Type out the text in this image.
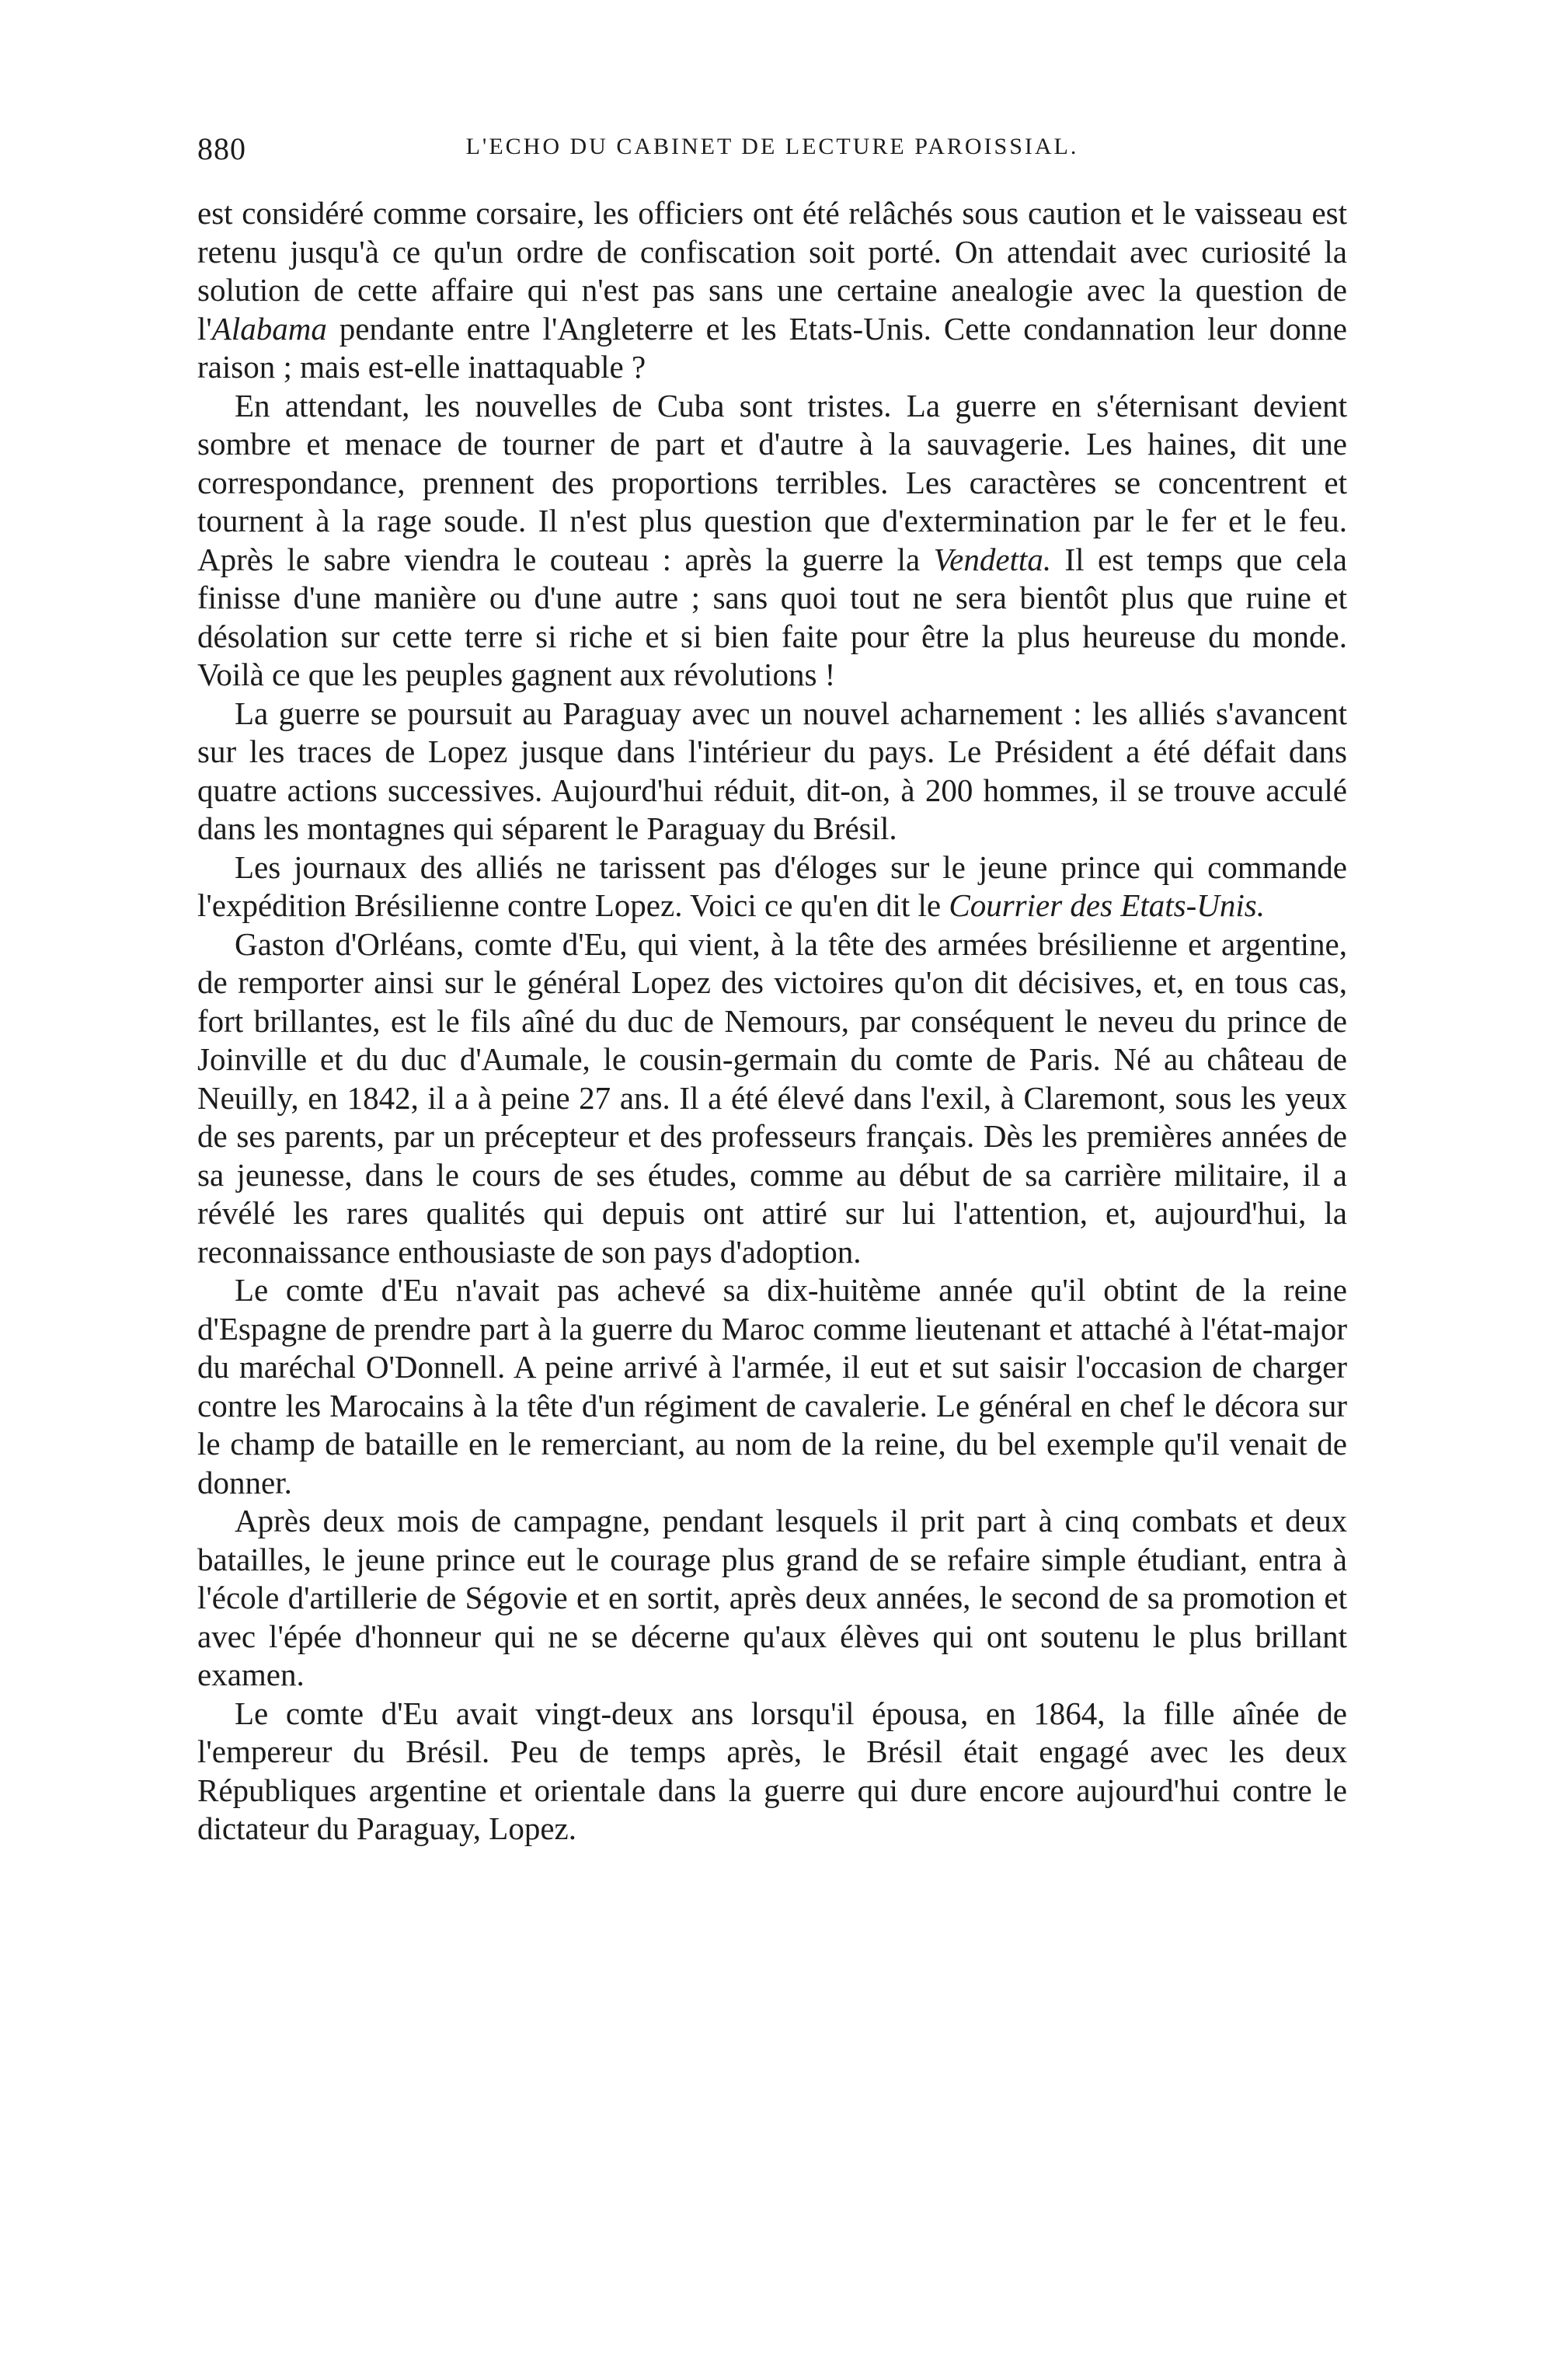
880	L'ECHO DU CABINET DE LECTURE PAROISSIAL.

est considéré comme corsaire, les officiers ont été relâchés sous caution et le vaisseau est retenu jusqu'à ce qu'un ordre de confiscation soit porté. On attendait avec curiosité la solution de cette affaire qui n'est pas sans une certaine anealogie avec la question de l'Alabama pendante entre l'Angleterre et les Etats-Unis. Cette condannation leur donne raison ; mais est-elle inattaquable ?

En attendant, les nouvelles de Cuba sont tristes. La guerre en s'éternisant devient sombre et menace de tourner de part et d'autre à la sauvagerie. Les haines, dit une correspondance, prennent des proportions terribles. Les caractères se concentrent et tournent à la rage soude. Il n'est plus question que d'extermination par le fer et le feu. Après le sabre viendra le couteau : après la guerre la Vendetta. Il est temps que cela finisse d'une manière ou d'une autre ; sans quoi tout ne sera bientôt plus que ruine et désolation sur cette terre si riche et si bien faite pour être la plus heureuse du monde. Voilà ce que les peuples gagnent aux révolutions !

La guerre se poursuit au Paraguay avec un nouvel acharnement : les alliés s'avancent sur les traces de Lopez jusque dans l'intérieur du pays. Le Président a été défait dans quatre actions successives. Aujourd'hui réduit, dit-on, à 200 hommes, il se trouve acculé dans les montagnes qui séparent le Paraguay du Brésil.

Les journaux des alliés ne tarissent pas d'éloges sur le jeune prince qui commande l'expédition Brésilienne contre Lopez. Voici ce qu'en dit le Courrier des Etats-Unis.

Gaston d'Orléans, comte d'Eu, qui vient, à la tête des armées brésilienne et argentine, de remporter ainsi sur le général Lopez des victoires qu'on dit décisives, et, en tous cas, fort brillantes, est le fils aîné du duc de Nemours, par conséquent le neveu du prince de Joinville et du duc d'Aumale, le cousin-germain du comte de Paris. Né au château de Neuilly, en 1842, il a à peine 27 ans. Il a été élevé dans l'exil, à Claremont, sous les yeux de ses parents, par un précepteur et des professeurs français. Dès les premières années de sa jeunesse, dans le cours de ses études, comme au début de sa carrière militaire, il a révélé les rares qualités qui depuis ont attiré sur lui l'attention, et, aujourd'hui, la reconnaissance enthousiaste de son pays d'adoption.

Le comte d'Eu n'avait pas achevé sa dix-huitème année qu'il obtint de la reine d'Espagne de prendre part à la guerre du Maroc comme lieutenant et attaché à l'état-major du maréchal O'Donnell. A peine arrivé à l'armée, il eut et sut saisir l'occasion de charger contre les Marocains à la tête d'un régiment de cavalerie. Le général en chef le décora sur le champ de bataille en le remerciant, au nom de la reine, du bel exemple qu'il venait de donner.

Après deux mois de campagne, pendant lesquels il prit part à cinq combats et deux batailles, le jeune prince eut le courage plus grand de se refaire simple étudiant, entra à l'école d'artillerie de Ségovie et en sortit, après deux années, le second de sa promotion et avec l'épée d'honneur qui ne se décerne qu'aux élèves qui ont soutenu le plus brillant examen.

Le comte d'Eu avait vingt-deux ans lorsqu'il épousa, en 1864, la fille aînée de l'empereur du Brésil. Peu de temps après, le Brésil était engagé avec les deux Républiques argentine et orientale dans la guerre qui dure encore aujourd'hui contre le dictateur du Paraguay, Lopez.
